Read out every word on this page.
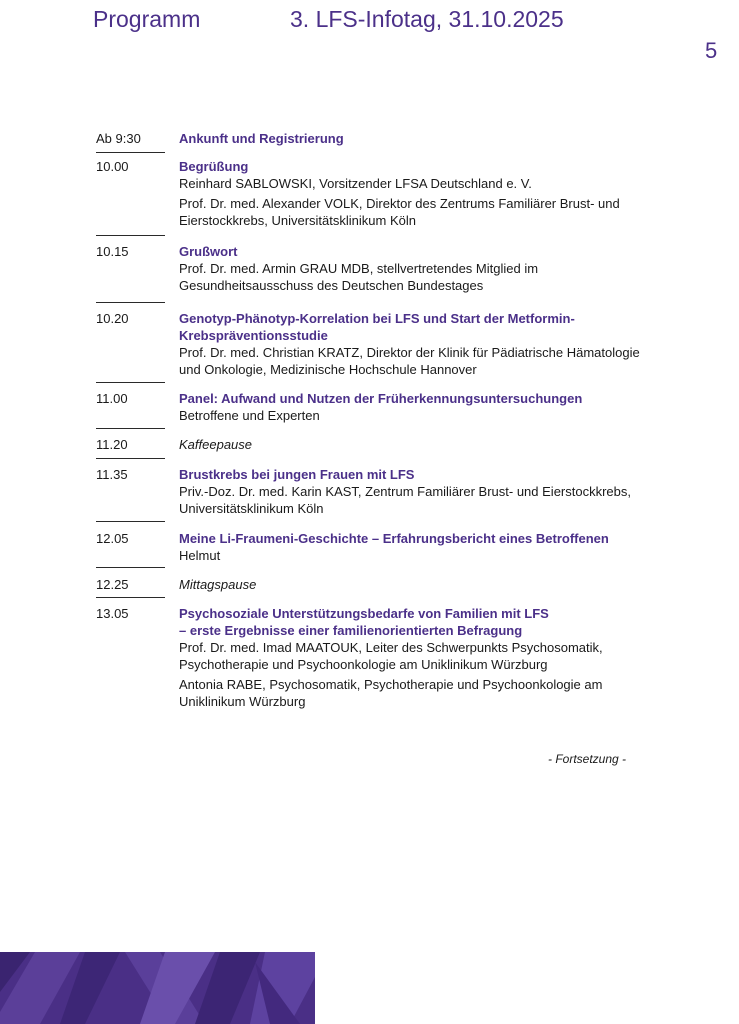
Programm	3. LFS-Infotag, 31.10.2025
5
Ab 9:30	Ankunft und Registrierung
10.00	Begrüßung
Reinhard SABLOWSKI, Vorsitzender LFSA Deutschland e. V.
Prof. Dr. med. Alexander VOLK, Direktor des Zentrums Familiärer Brust- und
Eierstockkrebs, Universitätsklinikum Köln
10.15	Grußwort
Prof. Dr. med. Armin GRAU MDB, stellvertretendes Mitglied im
Gesundheitsausschuss des Deutschen Bundestages
10.20	Genotyp-Phänotyp-Korrelation bei LFS und Start der Metformin-
Krebspräventionsstudie
Prof. Dr. med. Christian KRATZ, Direktor der Klinik für Pädiatrische Hämatologie
und Onkologie, Medizinische Hochschule Hannover
11.00	Panel: Aufwand und Nutzen der Früherkennungsuntersuchungen
Betroffene und Experten
11.20	Kaffeepause
11.35	Brustkrebs bei jungen Frauen mit LFS
Priv.-Doz. Dr. med. Karin KAST, Zentrum Familiärer Brust- und Eierstockkrebs,
Universitätsklinikum Köln
12.05	Meine Li-Fraumeni-Geschichte – Erfahrungsbericht eines Betroffenen
Helmut
12.25	Mittagspause
13.05	Psychosoziale Unterstützungsbedarfe von Familien mit LFS
– erste Ergebnisse einer familienorientierten Befragung
Prof. Dr. med. Imad MAATOUK, Leiter des Schwerpunkts Psychosomatik,
Psychotherapie und Psychoonkologie am Uniklinikum Würzburg
Antonia RABE, Psychosomatik, Psychotherapie und Psychoonkologie am
Uniklinikum Würzburg
- Fortsetzung -
